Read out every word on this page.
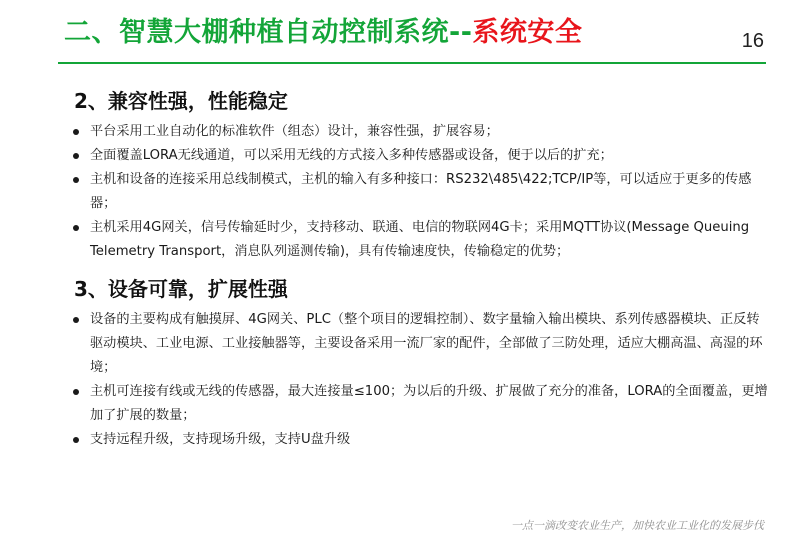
二、智慧大棚种植自动控制系统--系统安全	16
2、兼容性强，性能稳定
平台采用工业自动化的标准软件（组态）设计，兼容性强，扩展容易；
全面覆盖LORA无线通道，可以采用无线的方式接入多种传感器或设备，便于以后的扩充；
主机和设备的连接采用总线制模式，主机的输入有多种接口：RS232\485\422;TCP/IP等，可以适应于更多的传感器；
主机采用4G网关，信号传输延时少，支持移动、联通、电信的物联网4G卡；采用MQTT协议(Message Queuing Telemetry Transport，消息队列遥测传输)，具有传输速度快，传输稳定的优势；
3、设备可靠，扩展性强
设备的主要构成有触摸屏、4G网关、PLC（整个项目的逻辑控制）、数字量输入输出模块、系列传感器模块、正反转驱动模块、工业电源、工业接触器等，主要设备采用一流厂家的配件，全部做了三防处理，适应大棚高温、高湿的环境；
主机可连接有线或无线的传感器，最大连接量≤100；为以后的升级、扩展做了充分的准备，LORA的全面覆盖，更增加了扩展的数量；
支持远程升级，支持现场升级，支持U盘升级
一点一滴改变农业生产，加快农业工业化的发展步伐
